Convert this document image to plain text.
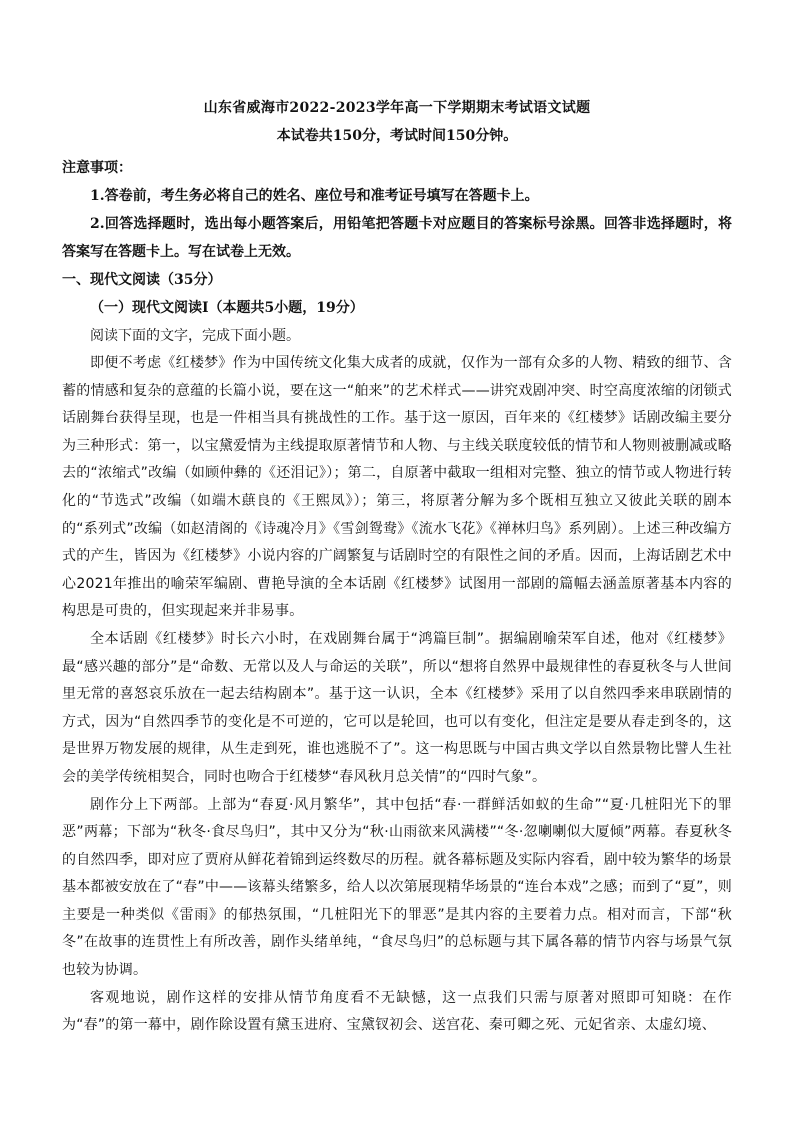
山东省威海市2022-2023学年高一下学期期末考试语文试题
本试卷共150分，考试时间150分钟。
注意事项：
1.答卷前，考生务必将自己的姓名、座位号和准考证号填写在答题卡上。
2.回答选择题时，选出每小题答案后，用铅笔把答题卡对应题目的答案标号涂黑。回答非选择题时，将答案写在答题卡上。写在试卷上无效。
一、现代文阅读（35分）
（一）现代文阅读Ⅰ（本题共5小题，19分）
阅读下面的文字，完成下面小题。
即便不考虑《红楼梦》作为中国传统文化集大成者的成就，仅作为一部有众多的人物、精致的细节、含蓄的情感和复杂的意蕴的长篇小说，要在这一“舶来”的艺术样式——讲究戏剧冲突、时空高度浓缩的闭锁式话剧舞台获得呈现，也是一件相当具有挑战性的工作。基于这一原因，百年来的《红楼梦》话剧改编主要分为三种形式：第一，以宝黛爱情为主线提取原著情节和人物、与主线关联度较低的情节和人物则被删减或略去的“浓缩式”改编（如顾仲彝的《还泪记》）；第二，自原著中截取一组相对完整、独立的情节或人物进行转化的“节选式”改编（如端木蕻良的《王熙凤》）；第三，将原著分解为多个既相互独立又彼此关联的剧本的“系列式”改编（如赵清阁的《诗魂冷月》《雪剑鸳鸯》《流水飞花》《禅林归鸟》系列剧）。上述三种改编方式的产生，皆因为《红楼梦》小说内容的广阔繁复与话剧时空的有限性之间的矛盾。因而，上海话剧艺术中心2021年推出的喻荣军编剧、曹艳导演的全本话剧《红楼梦》试图用一部剧的篇幅去涵盖原著基本内容的构思是可贵的，但实现起来并非易事。
全本话剧《红楼梦》时长六小时，在戏剧舞台属于“鸿篇巨制”。据编剧喻荣军自述，他对《红楼梦》最“感兴趣的部分”是“命数、无常以及人与命运的关联”，所以“想将自然界中最规律性的春夏秋冬与人世间里无常的喜怒哀乐放在一起去结构剧本”。基于这一认识，全本《红楼梦》采用了以自然四季来串联剧情的方式，因为“自然四季节的变化是不可逆的，它可以是轮回，也可以有变化，但注定是要从春走到冬的，这是世界万物发展的规律，从生走到死，谁也逃脱不了”。这一构思既与中国古典文学以自然景物比譬人生社会的美学传统相契合，同时也吻合于红楼梦“春风秋月总关情”的“四时气象”。
剧作分上下两部。上部为“春夏·风月繁华”，其中包括“春·一群鲜活如蚁的生命”“夏·几桩阳光下的罪恶”两幕；下部为“秋冬·食尽鸟归”，其中又分为“秋·山雨欲来风满楼”“冬·忽喇喇似大厦倾”两幕。春夏秋冬的自然四季，即对应了贾府从鲜花着锦到运终数尽的历程。就各幕标题及实际内容看，剧中较为繁华的场景基本都被安放在了“春”中——该幕头绪繁多，给人以次第展现精华场景的“连台本戏”之感；而到了“夏”，则主要是一种类似《雷雨》的郁热氛围，“几桩阳光下的罪恶”是其内容的主要着力点。相对而言，下部“秋冬”在故事的连贯性上有所改善，剧作头绪单纯，“食尽鸟归”的总标题与其下属各幕的情节内容与场景气氛也较为协调。
客观地说，剧作这样的安排从情节角度看不无缺憾，这一点我们只需与原著对照即可知晓：在作为“春”的第一幕中，剧作除设置有黛玉进府、宝黛钗初会、送宫花、秦可卿之死、元妃省亲、太虚幻境、
